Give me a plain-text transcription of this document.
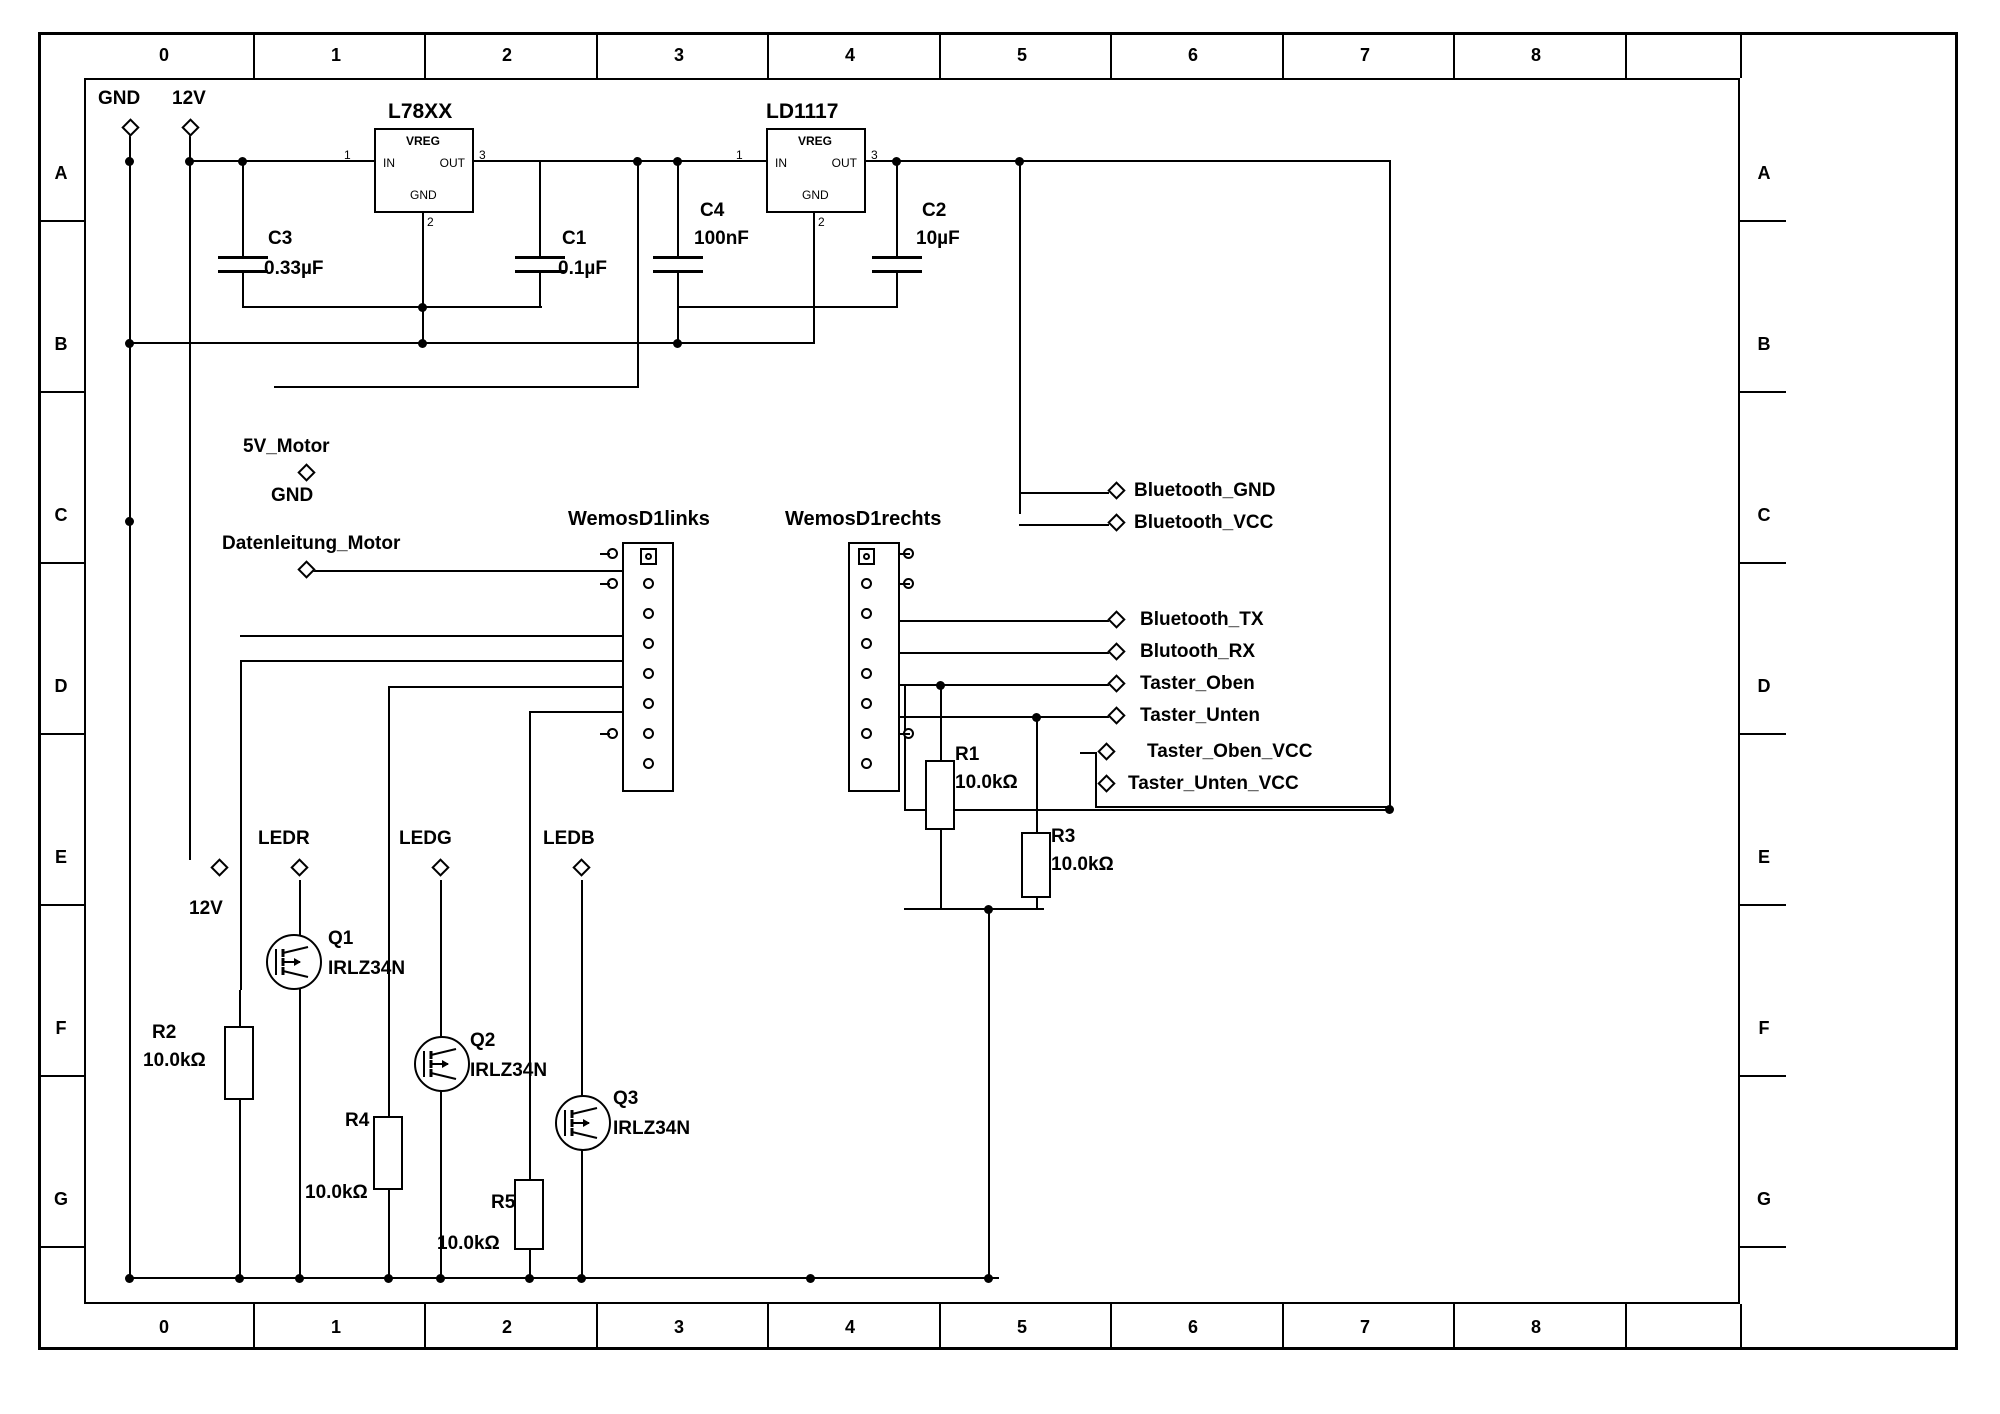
0	1	2	3	4	5	6	7	8
0	1	2	3	4	5	6	7	8
A
B
C
D
E
F
G
A
B
C
D
E
F
G
GND 12V
5V_Motor
GND
Datenleitung_Motor
Bluetooth_GND
Bluetooth_VCC
Bluetooth_TX
Blutooth_RX
Taster_Oben
Taster_Unten
Taster_Oben_VCC
Taster_Unten_VCC
12V
LEDR	LEDG	LEDB
L78XX
VREG
IN	OUT
GND
1	3
2
LD1117
VREG
IN	OUT
GND
1	3
2
C3
0.33µF
C1
0.1µF
C4
100nF
C2
10µF
WemosD1links	WemosD1rechts
R1
10.0kΩ
R3
10.0kΩ
R2
10.0kΩ
R4
10.0kΩ	R5
10.0kΩ
Q1
IRLZ34N
Q2
IRLZ34N
Q3
IRLZ34N
